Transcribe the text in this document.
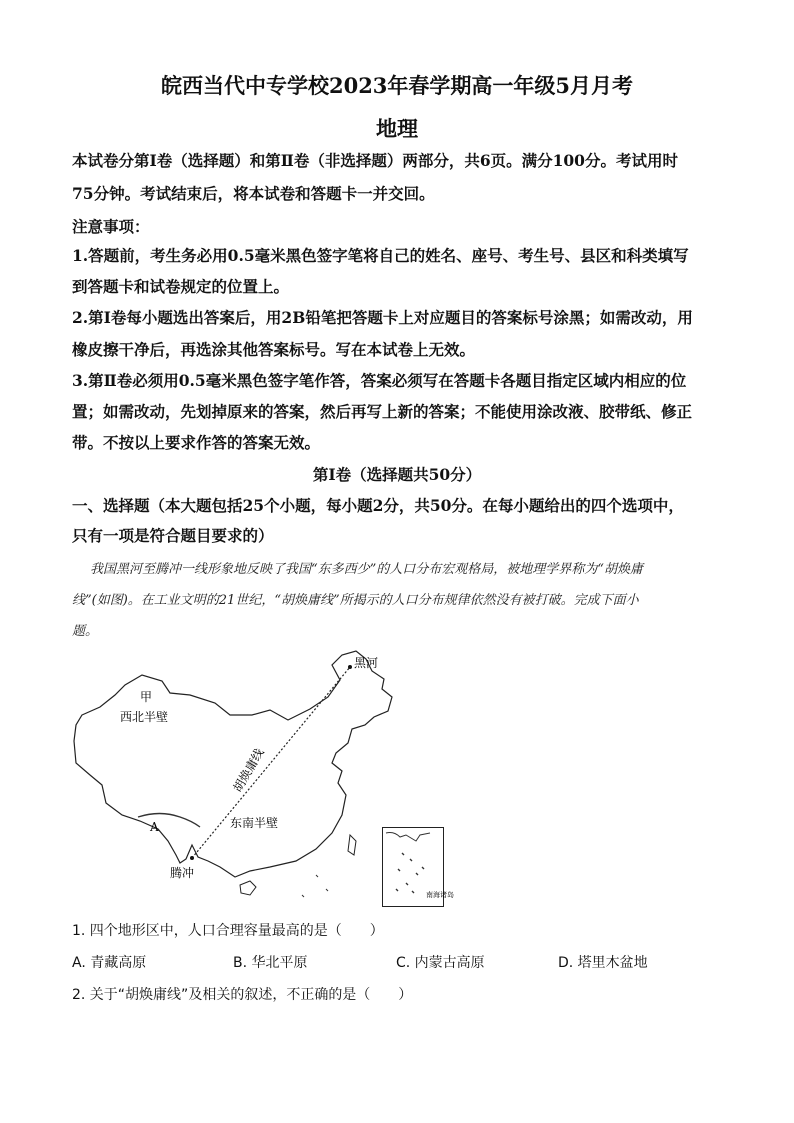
皖西当代中专学校2023年春学期高一年级5月月考
地理
本试卷分第Ⅰ卷（选择题）和第Ⅱ卷（非选择题）两部分，共6页。满分100分。考试用时
75分钟。考试结束后，将本试卷和答题卡一并交回。
注意事项：
1.答题前，考生务必用0.5毫米黑色签字笔将自己的姓名、座号、考生号、县区和科类填写
到答题卡和试卷规定的位置上。
2.第Ⅰ卷每小题选出答案后，用2B铅笔把答题卡上对应题目的答案标号涂黑；如需改动，用
橡皮擦干净后，再选涂其他答案标号。写在本试卷上无效。
3.第Ⅱ卷必须用0.5毫米黑色签字笔作答，答案必须写在答题卡各题目指定区域内相应的位
置；如需改动，先划掉原来的答案，然后再写上新的答案；不能使用涂改液、胶带纸、修正
带。不按以上要求作答的答案无效。
第Ⅰ卷（选择题共50分）
一、选择题（本大题包括25个小题，每小题2分，共50分。在每小题给出的四个选项中，
只有一项是符合题目要求的）
我国黑河至腾冲一线形象地反映了我国“东多西少”的人口分布宏观格局，被地理学界称为“胡焕庸
线”(如图)。在工业文明的21世纪，“胡焕庸线”所揭示的人口分布规律依然没有被打破。完成下面小
题。
黑河
甲
西北半壁
胡焕庸线
A	东南半壁
腾冲
南海诸岛
1. 四个地形区中，人口合理容量最高的是（　　）
A. 青藏高原	B. 华北平原	C. 内蒙古高原	D. 塔里木盆地
2. 关于“胡焕庸线”及相关的叙述，不正确的是（　　）
